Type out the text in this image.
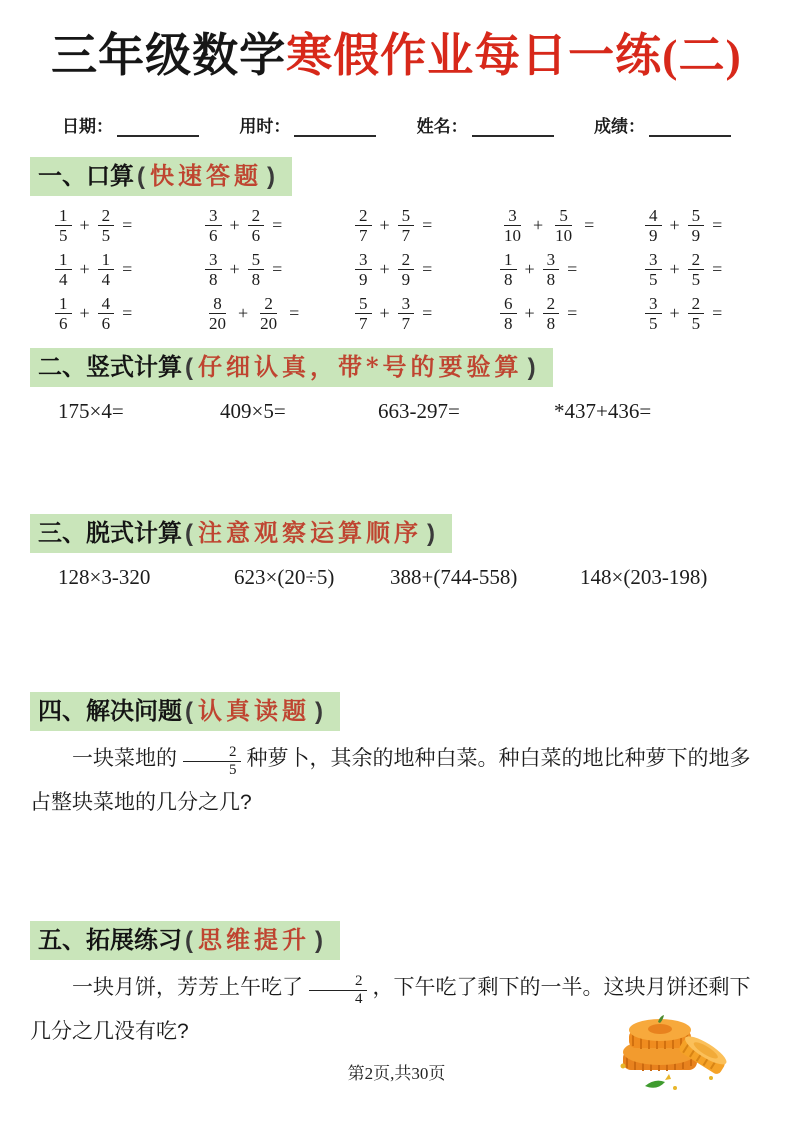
三年级数学寒假作业每日一练(二)
日期：	用时：	姓名：	成绩：
一、口算 ( 快速答题 )
$\frac{1}{5} + \frac{2}{5}$ =	$\frac{3}{6} + \frac{2}{6}$ =	$\frac{2}{7} + \frac{5}{7}$ =	$\frac{3}{10} + \frac{5}{10}$ =	$\frac{4}{9} + \frac{5}{9}$ =
$\frac{1}{4} + \frac{1}{4}$ =	$\frac{3}{8} + \frac{5}{8}$ =	$\frac{3}{9} + \frac{2}{9}$ =	$\frac{1}{8} + \frac{3}{8}$ =	$\frac{3}{5} + \frac{2}{5}$ =
$\frac{1}{6} + \frac{4}{6}$ =	$\frac{8}{20} + \frac{2}{20}$ =	$\frac{5}{7} + \frac{3}{7}$ =	$\frac{6}{8} + \frac{2}{8}$ =	$\frac{3}{5} + \frac{2}{5}$ =
二、竖式计算 ( 仔细认真，带*号的要验算 )
175×4=	409×5=	663-297=	*437+436=
三、脱式计算 ( 注意观察运算顺序 )
128×3-320	623×(20÷5)	388+(744-558)	148×(203-198)
四、解决问题 ( 认真读题 )

一块菜地的 $\frac{2}{5}$ 种萝卜，其余的地种白菜。种白菜的地比种萝下的地多占整块菜地的几分之几?

五、拓展练习 ( 思维提升 )

一块月饼，芳芳上午吃了 $\frac{2}{4}$ ，下午吃了剩下的一半。这块月饼还剩下几分之几没有吃?

第2页,共30页
